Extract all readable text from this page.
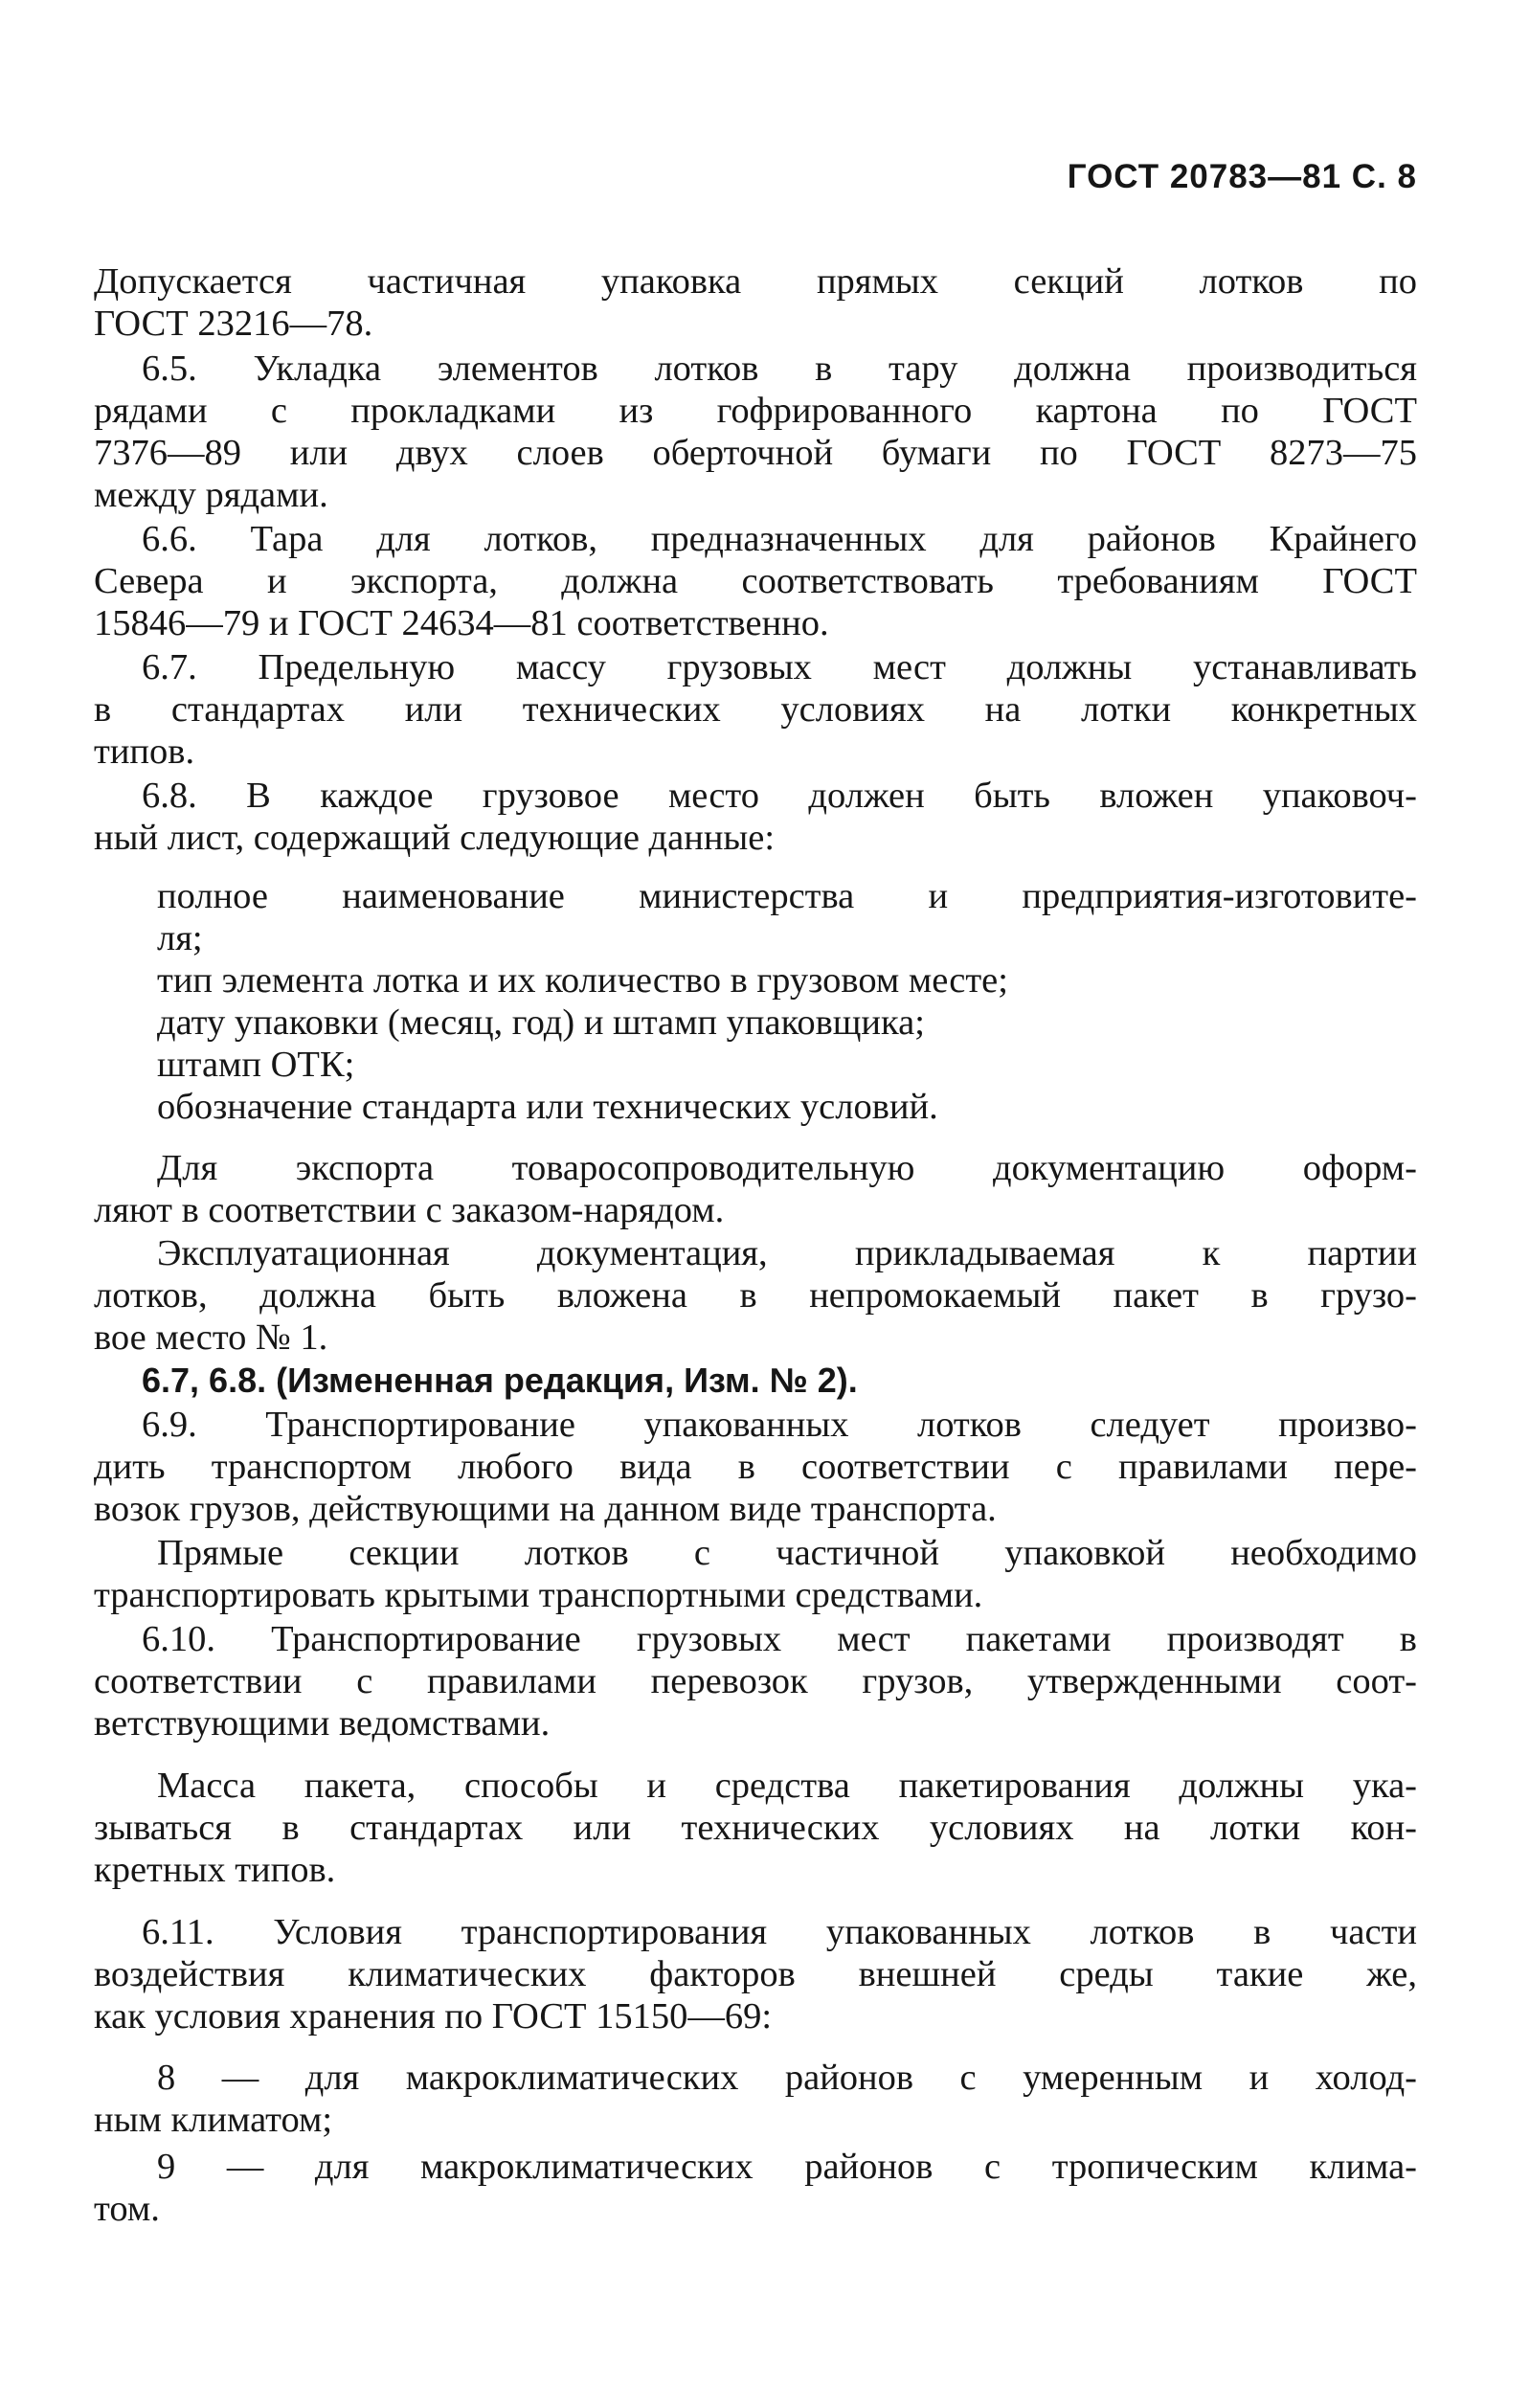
ГОСТ 20783—81 С. 8
Допускается частичная упаковка прямых секций лотков по
ГОСТ 23216—78.
6.5. Укладка элементов лотков в тару должна производиться
рядами с прокладками из гофрированного картона по ГОСТ
7376—89 или двух слоев оберточной бумаги по ГОСТ 8273—75
между рядами.
6.6. Тара для лотков, предназначенных для районов Крайнего
Севера и экспорта, должна соответствовать требованиям ГОСТ
15846—79 и ГОСТ 24634—81 соответственно.
6.7. Предельную массу грузовых мест должны устанавливать
в стандартах или технических условиях на лотки конкретных
типов.
6.8. В каждое грузовое место должен быть вложен упаковоч-
ный лист, содержащий следующие данные:
полное наименование министерства и предприятия-изготовите-
ля;
тип элемента лотка и их количество в грузовом месте;
дату упаковки (месяц, год) и штамп упаковщика;
штамп ОТК;
обозначение стандарта или технических условий.
Для экспорта товаросопроводительную документацию оформ-
ляют в соответствии с заказом-нарядом.
Эксплуатационная документация, прикладываемая к партии
лотков, должна быть вложена в непромокаемый пакет в грузо-
вое место № 1.
6.7, 6.8. (Измененная редакция, Изм. № 2).
6.9. Транспортирование упакованных лотков следует произво-
дить транспортом любого вида в соответствии с правилами пере-
возок грузов, действующими на данном виде транспорта.
Прямые секции лотков с частичной упаковкой необходимо
транспортировать крытыми транспортными средствами.
6.10. Транспортирование грузовых мест пакетами производят в
соответствии с правилами перевозок грузов, утвержденными соот-
ветствующими ведомствами.
Масса пакета, способы и средства пакетирования должны ука-
зываться в стандартах или технических условиях на лотки кон-
кретных типов.
6.11. Условия транспортирования упакованных лотков в части
воздействия климатических факторов внешней среды такие же,
как условия хранения по ГОСТ 15150—69:
8 — для макроклиматических районов с умеренным и холод-
ным климатом;
9 — для макроклиматических районов с тропическим клима-
том.
